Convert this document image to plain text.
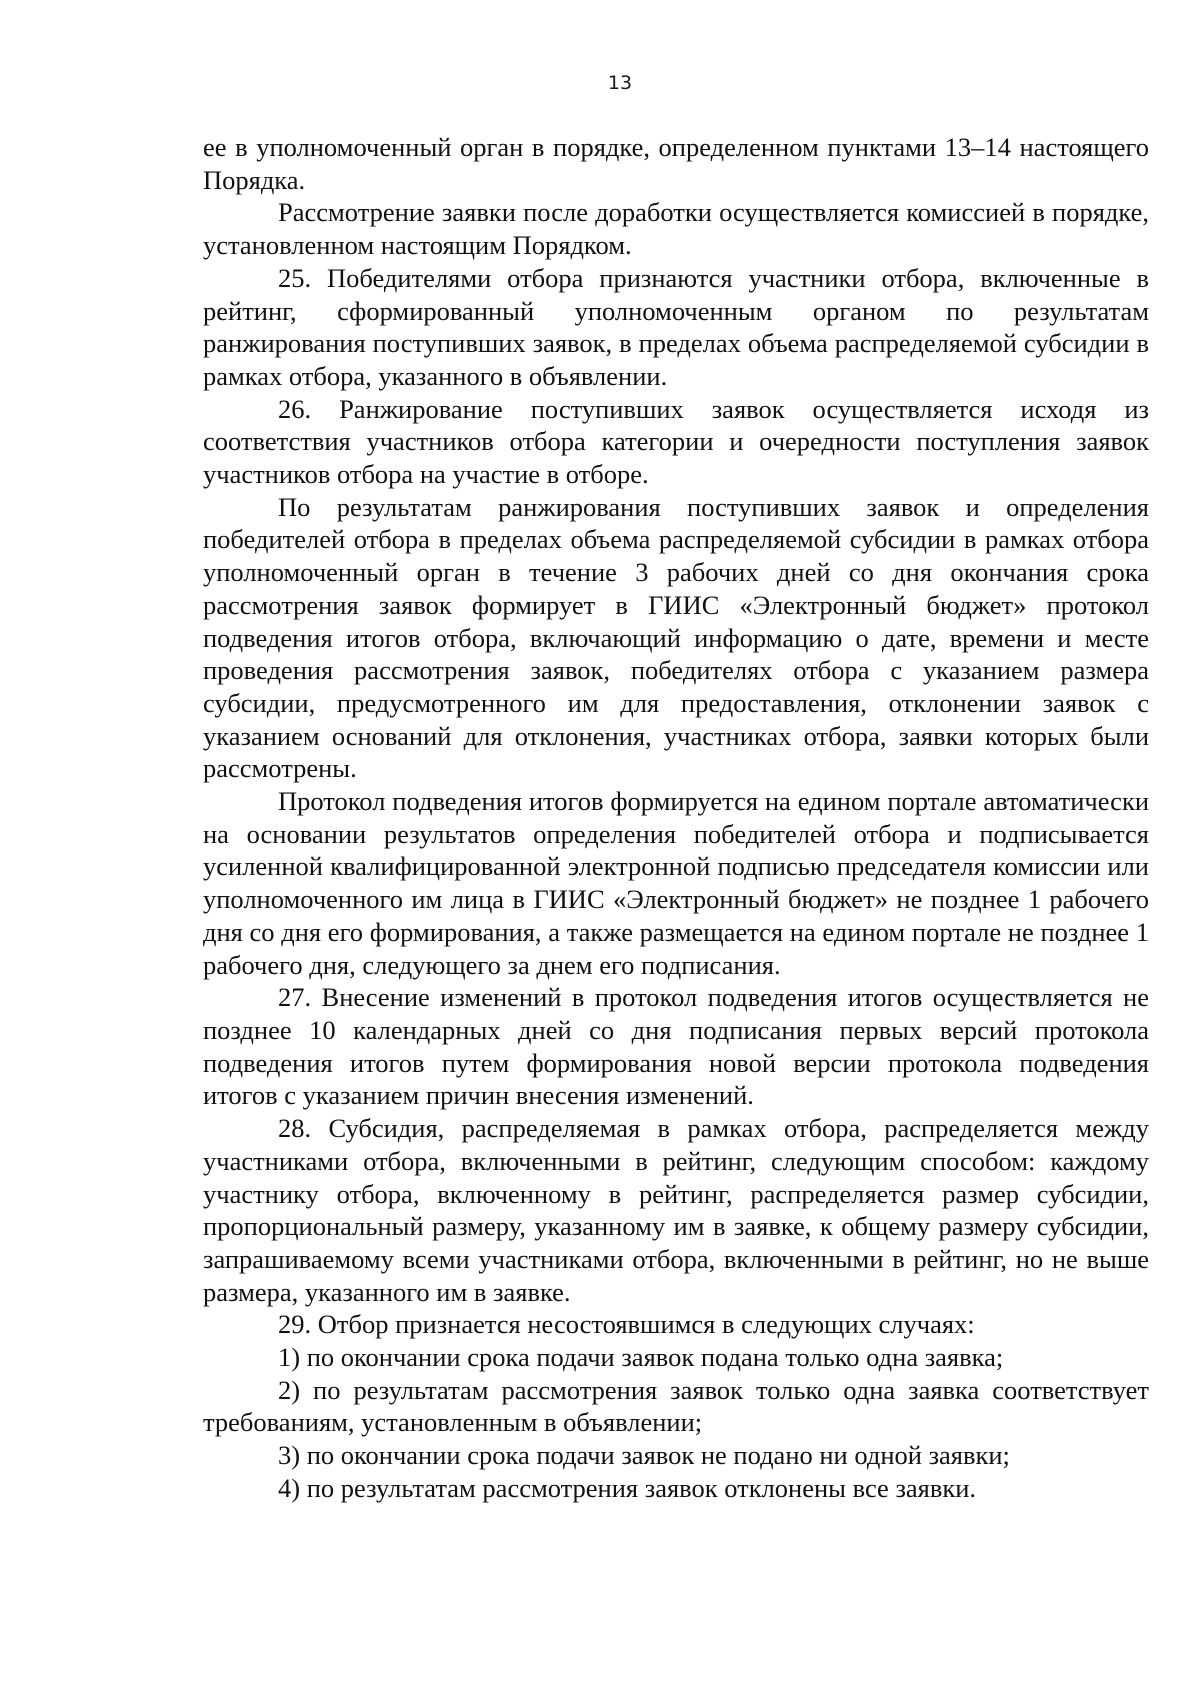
13

ее в уполномоченный орган в порядке, определенном пунктами 13–14 настоящего Порядка.

Рассмотрение заявки после доработки осуществляется комиссией в порядке, установленном настоящим Порядком.

25. Победителями отбора признаются участники отбора, включенные в рейтинг, сформированный уполномоченным органом по результатам ранжирования поступивших заявок, в пределах объема распределяемой субсидии в рамках отбора, указанного в объявлении.

26. Ранжирование поступивших заявок осуществляется исходя из соответствия участников отбора категории и очередности поступления заявок участников отбора на участие в отборе.

По результатам ранжирования поступивших заявок и определения победителей отбора в пределах объема распределяемой субсидии в рамках отбора уполномоченный орган в течение 3 рабочих дней со дня окончания срока рассмотрения заявок формирует в ГИИС «Электронный бюджет» протокол подведения итогов отбора, включающий информацию о дате, времени и месте проведения рассмотрения заявок, победителях отбора с указанием размера субсидии, предусмотренного им для предоставления, отклонении заявок с указанием оснований для отклонения, участниках отбора, заявки которых были рассмотрены.

Протокол подведения итогов формируется на едином портале автоматически на основании результатов определения победителей отбора и подписывается усиленной квалифицированной электронной подписью председателя комиссии или уполномоченного им лица в ГИИС «Электронный бюджет» не позднее 1 рабочего дня со дня его формирования, а также размещается на едином портале не позднее 1 рабочего дня, следующего за днем его подписания.

27. Внесение изменений в протокол подведения итогов осуществляется не позднее 10 календарных дней со дня подписания первых версий протокола подведения итогов путем формирования новой версии протокола подведения итогов с указанием причин внесения изменений.

28. Субсидия, распределяемая в рамках отбора, распределяется между участниками отбора, включенными в рейтинг, следующим способом: каждому участнику отбора, включенному в рейтинг, распределяется размер субсидии, пропорциональный размеру, указанному им в заявке, к общему размеру субсидии, запрашиваемому всеми участниками отбора, включенными в рейтинг, но не выше размера, указанного им в заявке.

29. Отбор признается несостоявшимся в следующих случаях:

1) по окончании срока подачи заявок подана только одна заявка;

2) по результатам рассмотрения заявок только одна заявка соответствует требованиям, установленным в объявлении;

3) по окончании срока подачи заявок не подано ни одной заявки;

4) по результатам рассмотрения заявок отклонены все заявки.
